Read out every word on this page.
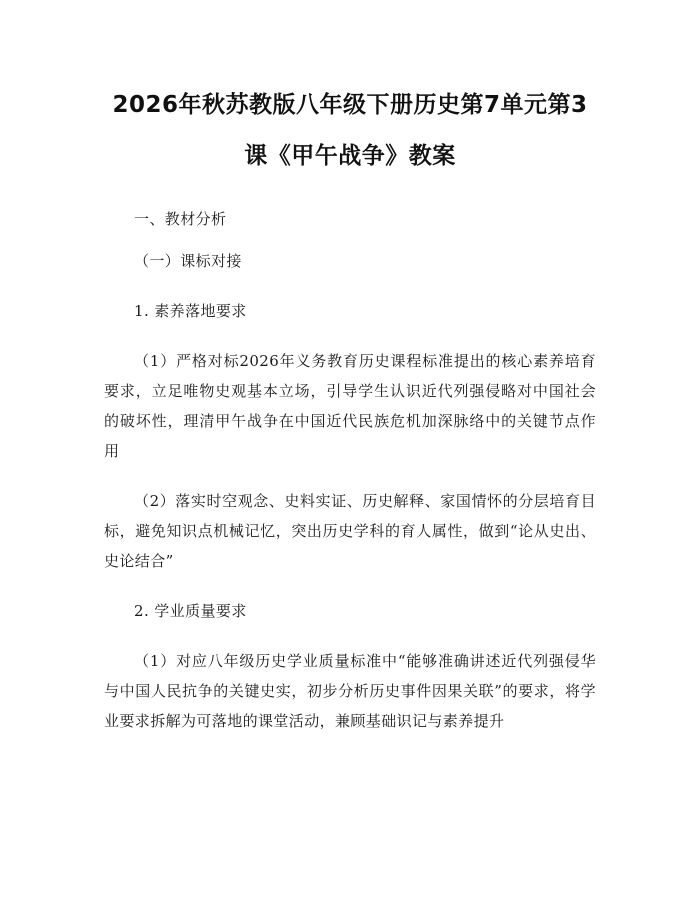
2026年秋苏教版八年级下册历史第7单元第3课《甲午战争》教案

一、教材分析

（一）课标对接

1. 素养落地要求

（1）严格对标2026年义务教育历史课程标准提出的核心素养培育要求，立足唯物史观基本立场，引导学生认识近代列强侵略对中国社会的破坏性，理清甲午战争在中国近代民族危机加深脉络中的关键节点作用

（2）落实时空观念、史料实证、历史解释、家国情怀的分层培育目标，避免知识点机械记忆，突出历史学科的育人属性，做到“论从史出、史论结合”

2. 学业质量要求

（1）对应八年级历史学业质量标准中“能够准确讲述近代列强侵华与中国人民抗争的关键史实，初步分析历史事件因果关联”的要求，将学业要求拆解为可落地的课堂活动，兼顾基础识记与素养提升
